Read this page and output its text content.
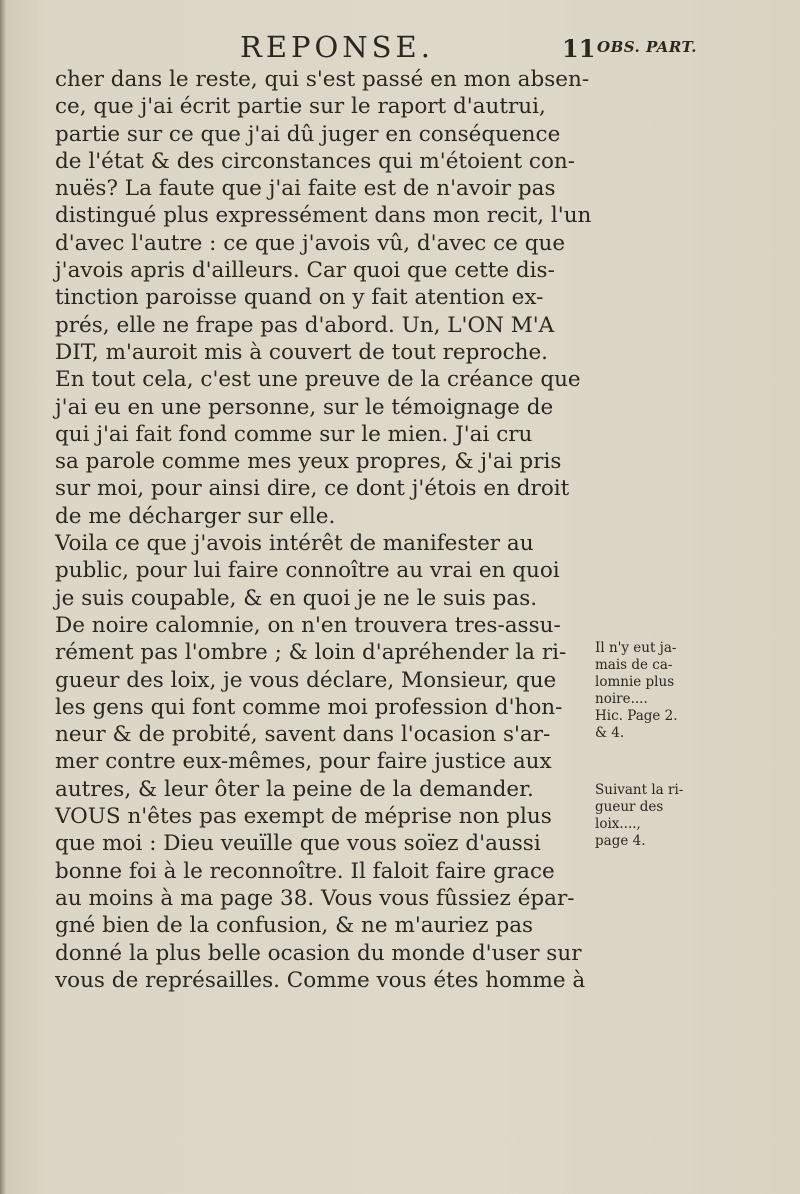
REPONSE.	11 OBS. PART.
cher dans le reste, qui s'est passé en mon absen-
ce, que j'ai écrit partie sur le raport d'autrui,
partie sur ce que j'ai dû juger en conséquence
de l'état & des circonstances qui m'étoient con-
nuës? La faute que j'ai faite est de n'avoir pas
distingué plus expressément dans mon recit, l'un
d'avec l'autre : ce que j'avois vû, d'avec ce que
j'avois apris d'ailleurs. Car quoi que cette dis-
tinction paroisse quand on y fait atention ex-
prés, elle ne frape pas d'abord. Un, L'ON M'A
DIT, m'auroit mis à couvert de tout reproche.
En tout cela, c'est une preuve de la créance que
j'ai eu en une personne, sur le témoignage de
qui j'ai fait fond comme sur le mien. J'ai cru
sa parole comme mes yeux propres, & j'ai pris
sur moi, pour ainsi dire, ce dont j'étois en droit
de me décharger sur elle.
Voila ce que j'avois intérêt de manifester au
public, pour lui faire connoître au vrai en quoi
je suis coupable, & en quoi je ne le suis pas.
De noire calomnie, on n'en trouvera tres-assu-
rément pas l'ombre ; & loin d'apréhender la ri-
gueur des loix, je vous déclare, Monsieur, que
les gens qui font comme moi profession d'hon-
neur & de probité, savent dans l'ocasion s'ar-
mer contre eux-mêmes, pour faire justice aux
autres, & leur ôter la peine de la demander.
VOUS n'êtes pas exempt de méprise non plus
que moi : Dieu veuïlle que vous soïez d'aussi
bonne foi à le reconnoître. Il faloit faire grace
au moins à ma page 38. Vous vous fûssiez épar-
gné bien de la confusion, & ne m'auriez pas
donné la plus belle ocasion du monde d'user sur
vous de représailles. Comme vous étes homme à
Il n'y eut ja-
mais de ca-
lomnie plus
noire....
Hic. Page 2.
& 4.
Suivant la ri-
gueur des
loix....,
page 4.
